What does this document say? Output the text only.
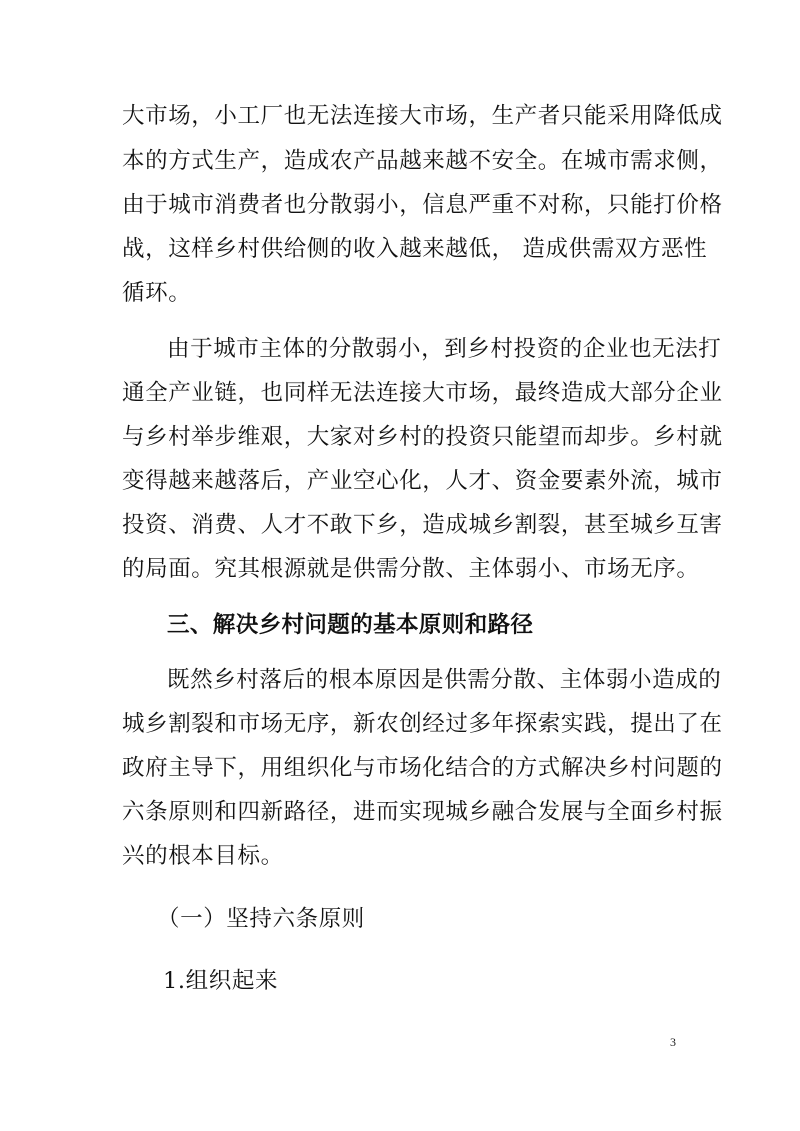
大市场，小工厂也无法连接大市场，生产者只能采用降低成
本的方式生产，造成农产品越来越不安全。在城市需求侧，
由于城市消费者也分散弱小，信息严重不对称，只能打价格
战，这样乡村供给侧的收入越来越低， 造成供需双方恶性
循环。
由于城市主体的分散弱小，到乡村投资的企业也无法打
通全产业链，也同样无法连接大市场，最终造成大部分企业
与乡村举步维艰，大家对乡村的投资只能望而却步。乡村就
变得越来越落后，产业空心化，人才、资金要素外流，城市
投资、消费、人才不敢下乡，造成城乡割裂，甚至城乡互害
的局面。究其根源就是供需分散、主体弱小、市场无序。
三、解决乡村问题的基本原则和路径
既然乡村落后的根本原因是供需分散、主体弱小造成的
城乡割裂和市场无序，新农创经过多年探索实践，提出了在
政府主导下，用组织化与市场化结合的方式解决乡村问题的
六条原则和四新路径，进而实现城乡融合发展与全面乡村振
兴的根本目标。
（一）坚持六条原则
1.组织起来
3
